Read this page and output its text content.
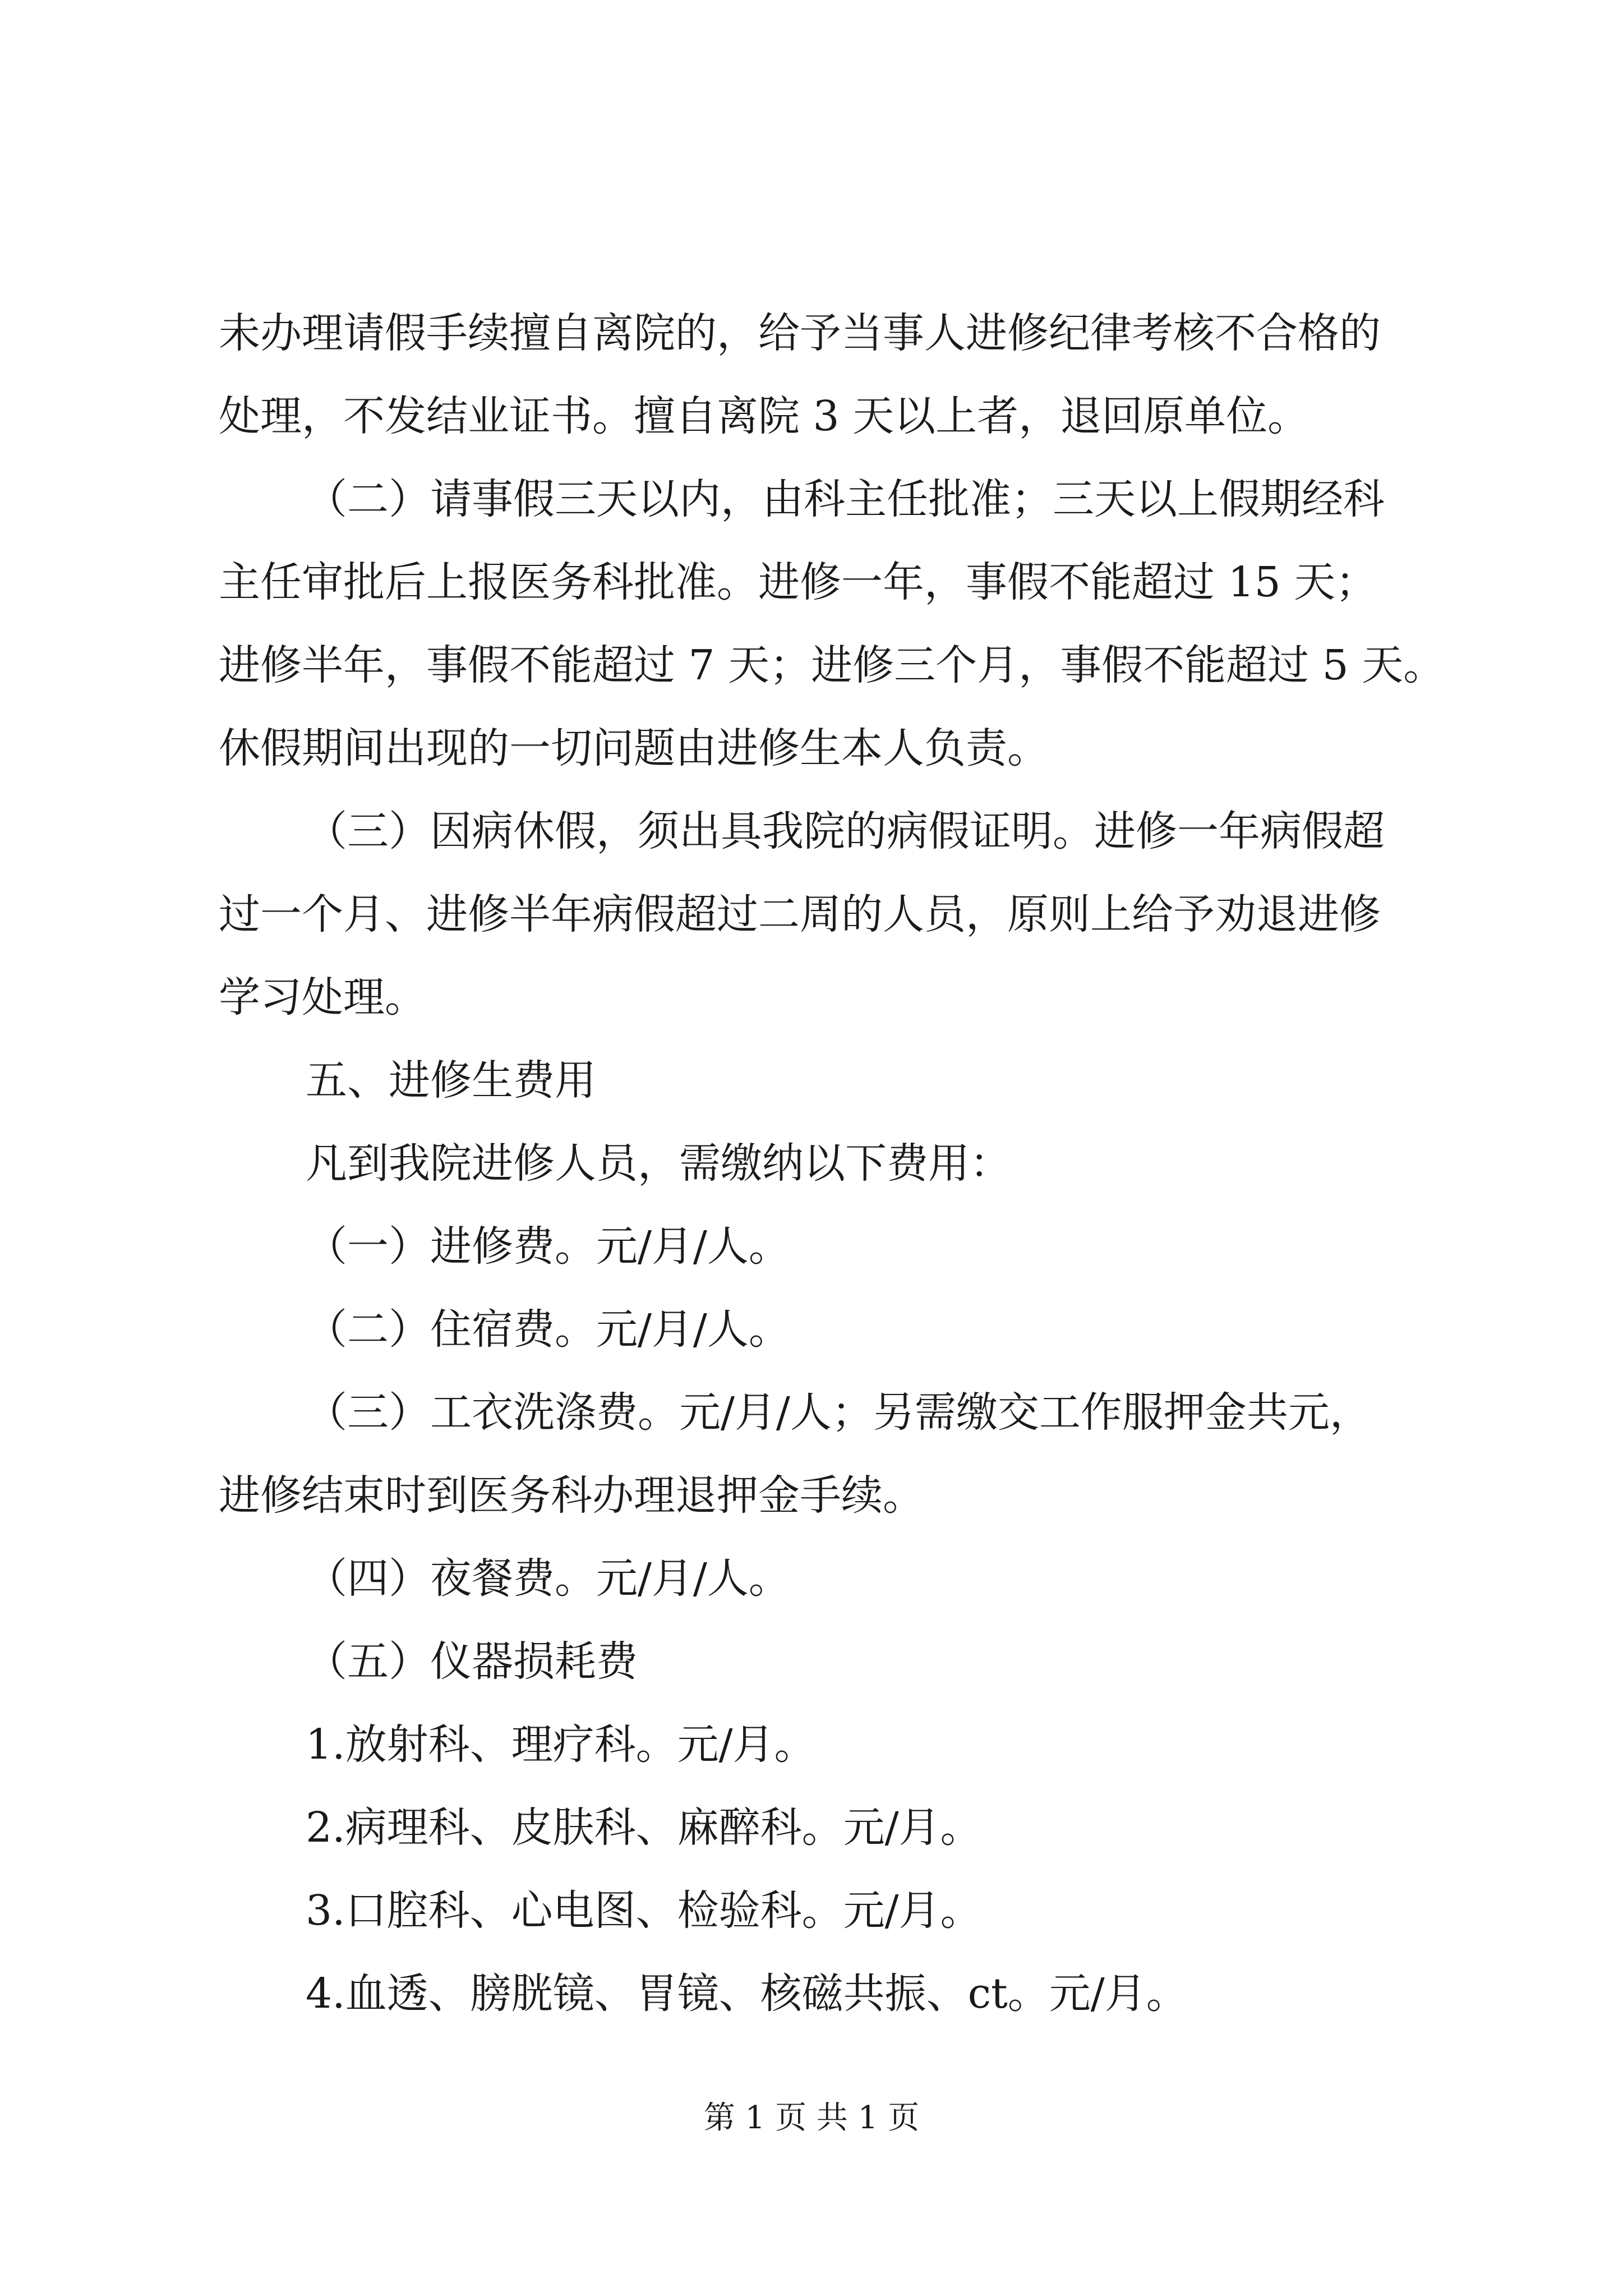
未办理请假手续擅自离院的，给予当事人进修纪律考核不合格的
处理，不发结业证书。擅自离院 3 天以上者，退回原单位。
（二）请事假三天以内，由科主任批准；三天以上假期经科
主任审批后上报医务科批准。进修一年，事假不能超过 15 天；
进修半年，事假不能超过 7 天；进修三个月，事假不能超过 5 天。
休假期间出现的一切问题由进修生本人负责。
（三）因病休假，须出具我院的病假证明。进修一年病假超
过一个月、进修半年病假超过二周的人员，原则上给予劝退进修
学习处理。
五、进修生费用
凡到我院进修人员，需缴纳以下费用：
（一）进修费。元/月/人。
（二）住宿费。元/月/人。
（三）工衣洗涤费。元/月/人；另需缴交工作服押金共元，
进修结束时到医务科办理退押金手续。
（四）夜餐费。元/月/人。
（五）仪器损耗费
1.放射科、理疗科。元/月。
2.病理科、皮肤科、麻醉科。元/月。
3.口腔科、心电图、检验科。元/月。
4.血透、膀胱镜、胃镜、核磁共振、ct。元/月。
第 1 页 共 1 页
